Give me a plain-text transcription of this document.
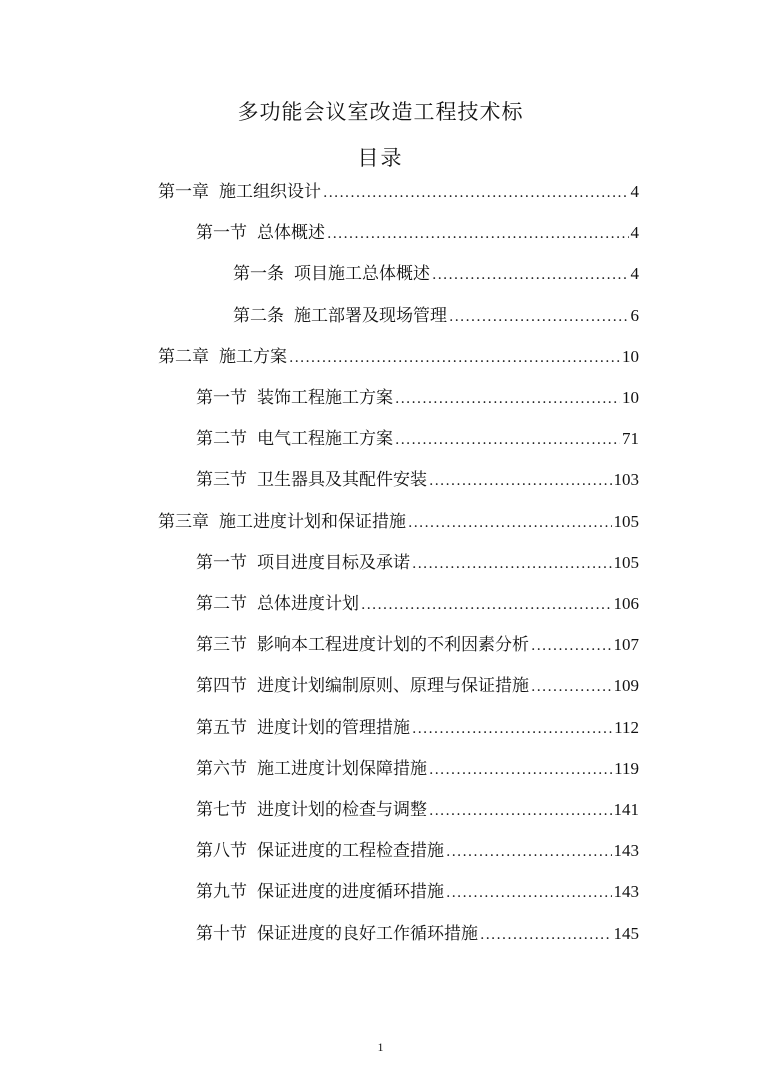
多功能会议室改造工程技术标
目录
第一章 施工组织设计 .....	4
第一节 总体概述 .....	4
第一条 项目施工总体概述 .....	4
第二条 施工部署及现场管理 .....	6
第二章 施工方案 .....	10
第一节 装饰工程施工方案 .....	10
第二节 电气工程施工方案 .....	71
第三节 卫生器具及其配件安装 .....	103
第三章 施工进度计划和保证措施 .....	105
第一节 项目进度目标及承诺 .....	105
第二节 总体进度计划 .....	106
第三节 影响本工程进度计划的不利因素分析 .....	107
第四节 进度计划编制原则、原理与保证措施 .....	109
第五节 进度计划的管理措施 .....	112
第六节 施工进度计划保障措施 .....	119
第七节 进度计划的检查与调整 .....	141
第八节 保证进度的工程检查措施 .....	143
第九节 保证进度的进度循环措施 .....	143
第十节 保证进度的良好工作循环措施 .....	145
1
